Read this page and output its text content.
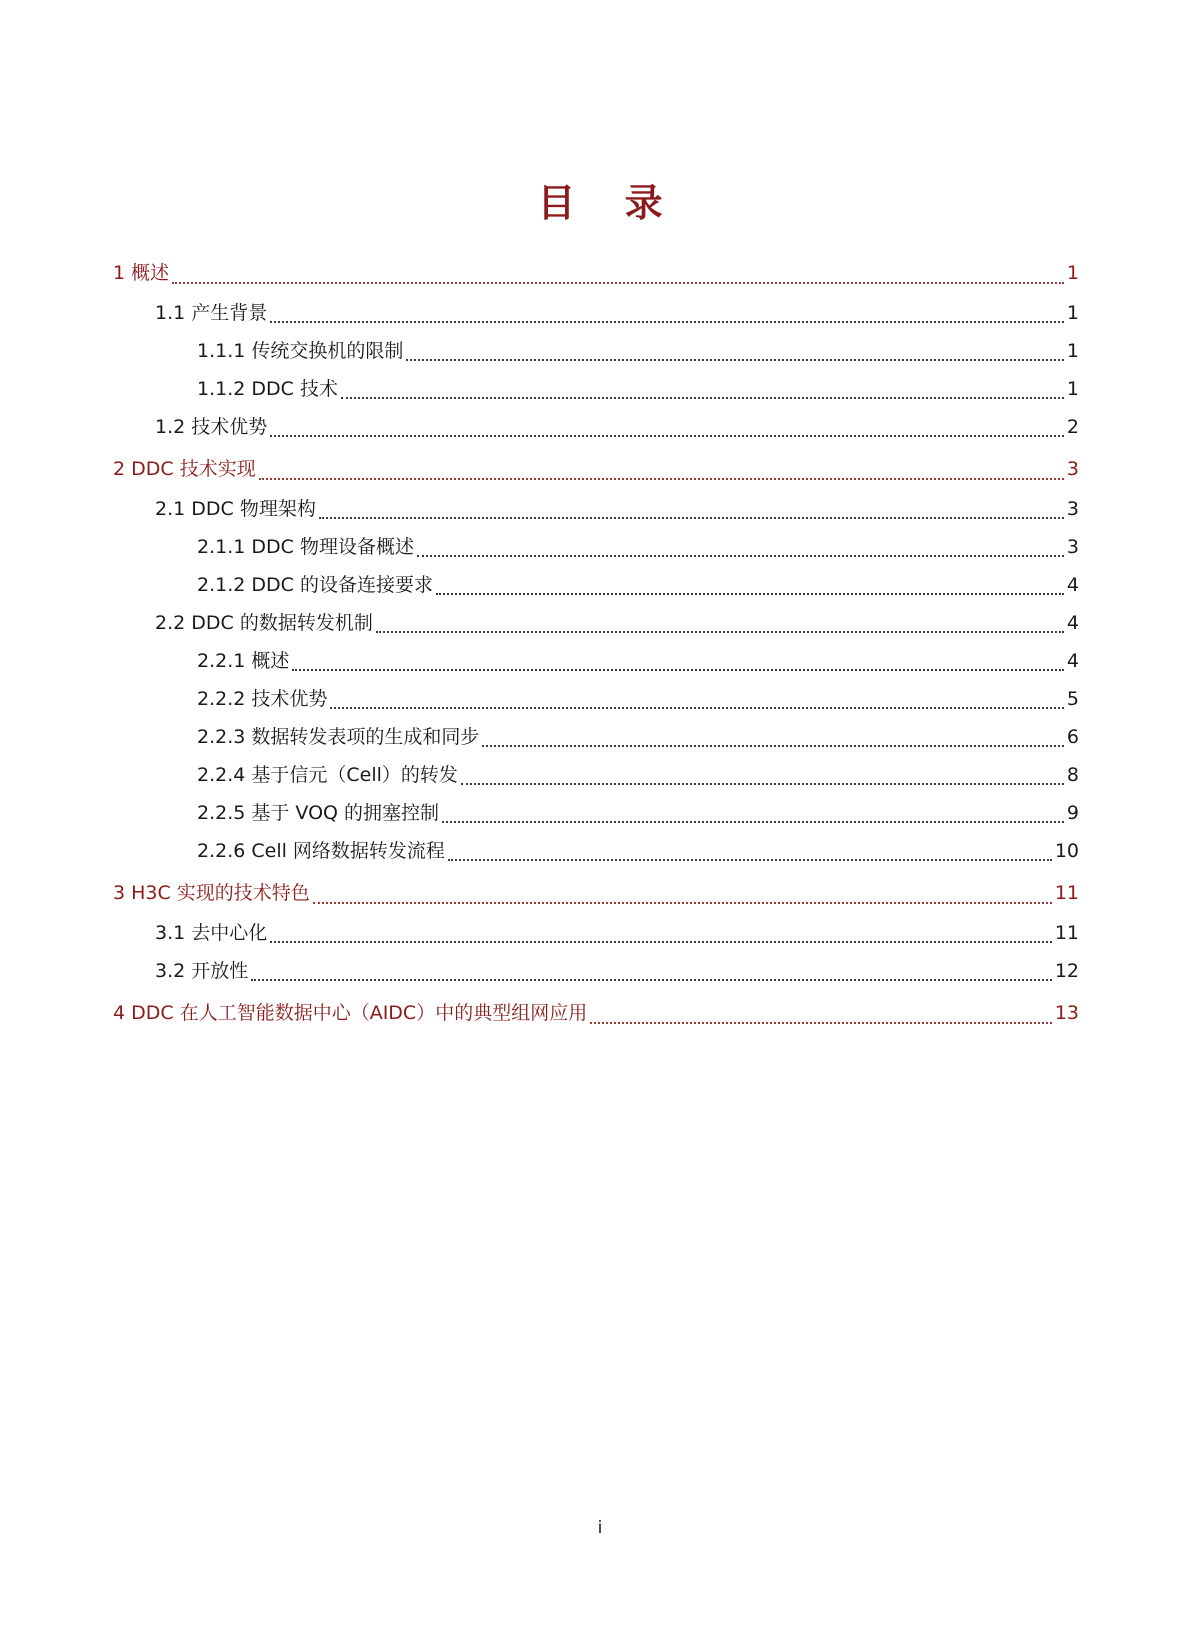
目 录
1 概述	1
1.1 产生背景	1
1.1.1 传统交换机的限制	1
1.1.2 DDC 技术	1
1.2 技术优势	2
2 DDC 技术实现	3
2.1 DDC 物理架构	3
2.1.1 DDC 物理设备概述	3
2.1.2 DDC 的设备连接要求	4
2.2 DDC 的数据转发机制	4
2.2.1 概述	4
2.2.2 技术优势	5
2.2.3 数据转发表项的生成和同步	6
2.2.4 基于信元（Cell）的转发	8
2.2.5 基于 VOQ 的拥塞控制	9
2.2.6 Cell 网络数据转发流程	10
3 H3C 实现的技术特色	11
3.1 去中心化	11
3.2 开放性	12
4 DDC 在人工智能数据中心（AIDC）中的典型组网应用	13
i
